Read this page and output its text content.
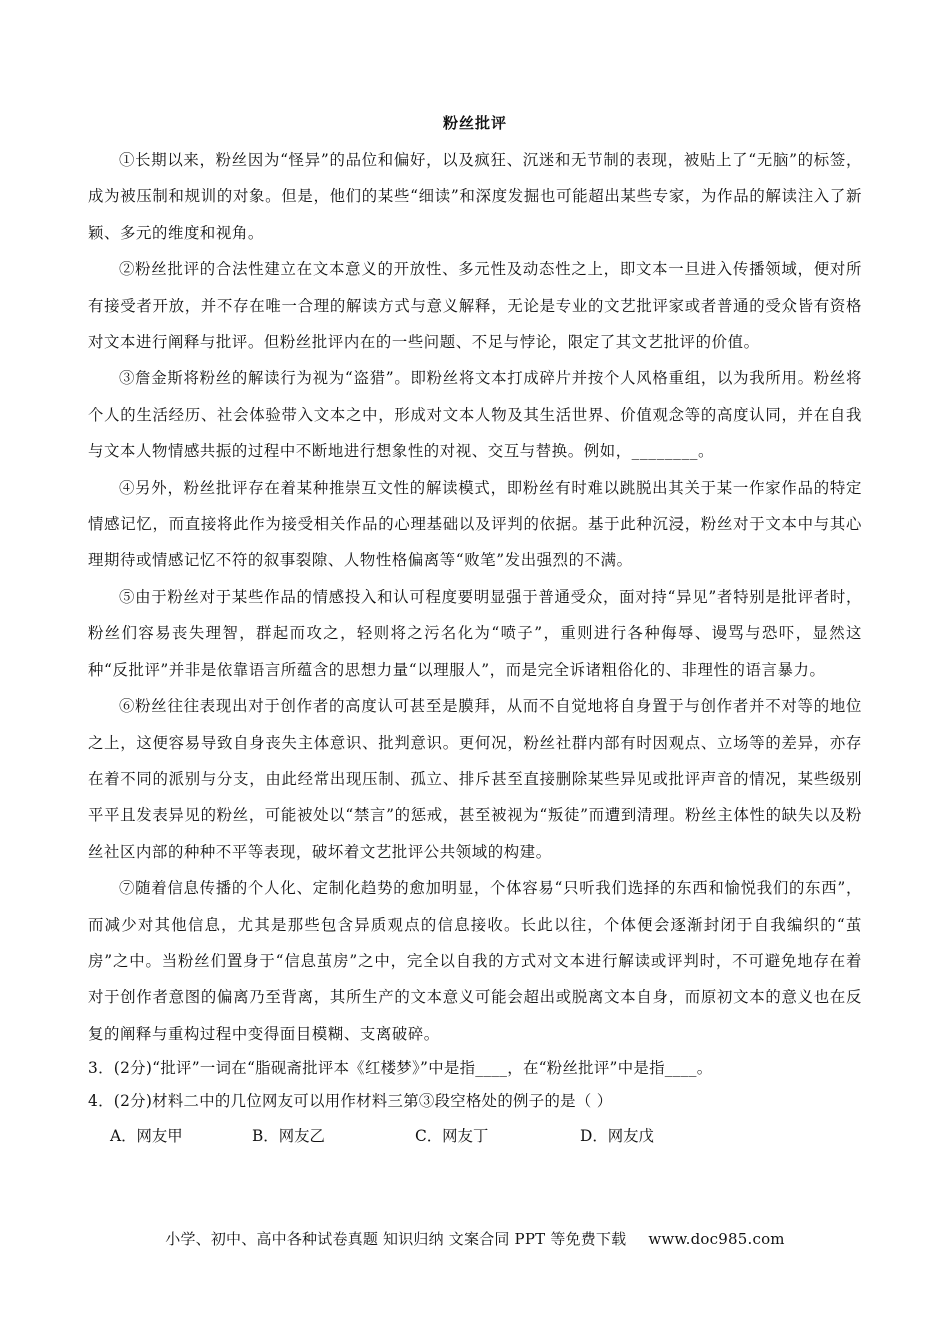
粉丝批评

①长期以来，粉丝因为“怪异”的品位和偏好，以及疯狂、沉迷和无节制的表现，被贴上了“无脑”的标签，成为被压制和规训的对象。但是，他们的某些“细读”和深度发掘也可能超出某些专家，为作品的解读注入了新颖、多元的维度和视角。

②粉丝批评的合法性建立在文本意义的开放性、多元性及动态性之上，即文本一旦进入传播领域，便对所有接受者开放，并不存在唯一合理的解读方式与意义解释，无论是专业的文艺批评家或者普通的受众皆有资格对文本进行阐释与批评。但粉丝批评内在的一些问题、不足与悖论，限定了其文艺批评的价值。

③詹金斯将粉丝的解读行为视为“盗猎”。即粉丝将文本打成碎片并按个人风格重组，以为我所用。粉丝将个人的生活经历、社会体验带入文本之中，形成对文本人物及其生活世界、价值观念等的高度认同，并在自我与文本人物情感共振的过程中不断地进行想象性的对视、交互与替换。例如，________。

④另外，粉丝批评存在着某种推崇互文性的解读模式，即粉丝有时难以跳脱出其关于某一作家作品的特定情感记忆，而直接将此作为接受相关作品的心理基础以及评判的依据。基于此种沉浸，粉丝对于文本中与其心理期待或情感记忆不符的叙事裂隙、人物性格偏离等“败笔”发出强烈的不满。

⑤由于粉丝对于某些作品的情感投入和认可程度要明显强于普通受众，面对持“异见”者特别是批评者时，粉丝们容易丧失理智，群起而攻之，轻则将之污名化为“喷子”，重则进行各种侮辱、谩骂与恐吓，显然这种“反批评”并非是依靠语言所蕴含的思想力量“以理服人”，而是完全诉诸粗俗化的、非理性的语言暴力。

⑥粉丝往往表现出对于创作者的高度认可甚至是膜拜，从而不自觉地将自身置于与创作者并不对等的地位之上，这便容易导致自身丧失主体意识、批判意识。更何况，粉丝社群内部有时因观点、立场等的差异，亦存在着不同的派别与分支，由此经常出现压制、孤立、排斥甚至直接删除某些异见或批评声音的情况，某些级别平平且发表异见的粉丝，可能被处以“禁言”的惩戒，甚至被视为“叛徒”而遭到清理。粉丝主体性的缺失以及粉丝社区内部的种种不平等表现，破坏着文艺批评公共领域的构建。

⑦随着信息传播的个人化、定制化趋势的愈加明显，个体容易“只听我们选择的东西和愉悦我们的东西”，而减少对其他信息，尤其是那些包含异质观点的信息接收。长此以往，个体便会逐渐封闭于自我编织的“茧房”之中。当粉丝们置身于“信息茧房”之中，完全以自我的方式对文本进行解读或评判时，不可避免地存在着对于创作者意图的偏离乃至背离，其所生产的文本意义可能会超出或脱离文本自身，而原初文本的意义也在反复的阐释与重构过程中变得面目模糊、支离破碎。

3．(2分)“批评”一词在“脂砚斋批评本《红楼梦》”中是指____，在“粉丝批评”中是指____。

4．(2分)材料二中的几位网友可以用作材料三第③段空格处的例子的是（ ）

A．网友甲	B．网友乙	C．网友丁	D．网友戊
小学、初中、高中各种试卷真题 知识归纳 文案合同 PPT 等免费下载 www.doc985.com
